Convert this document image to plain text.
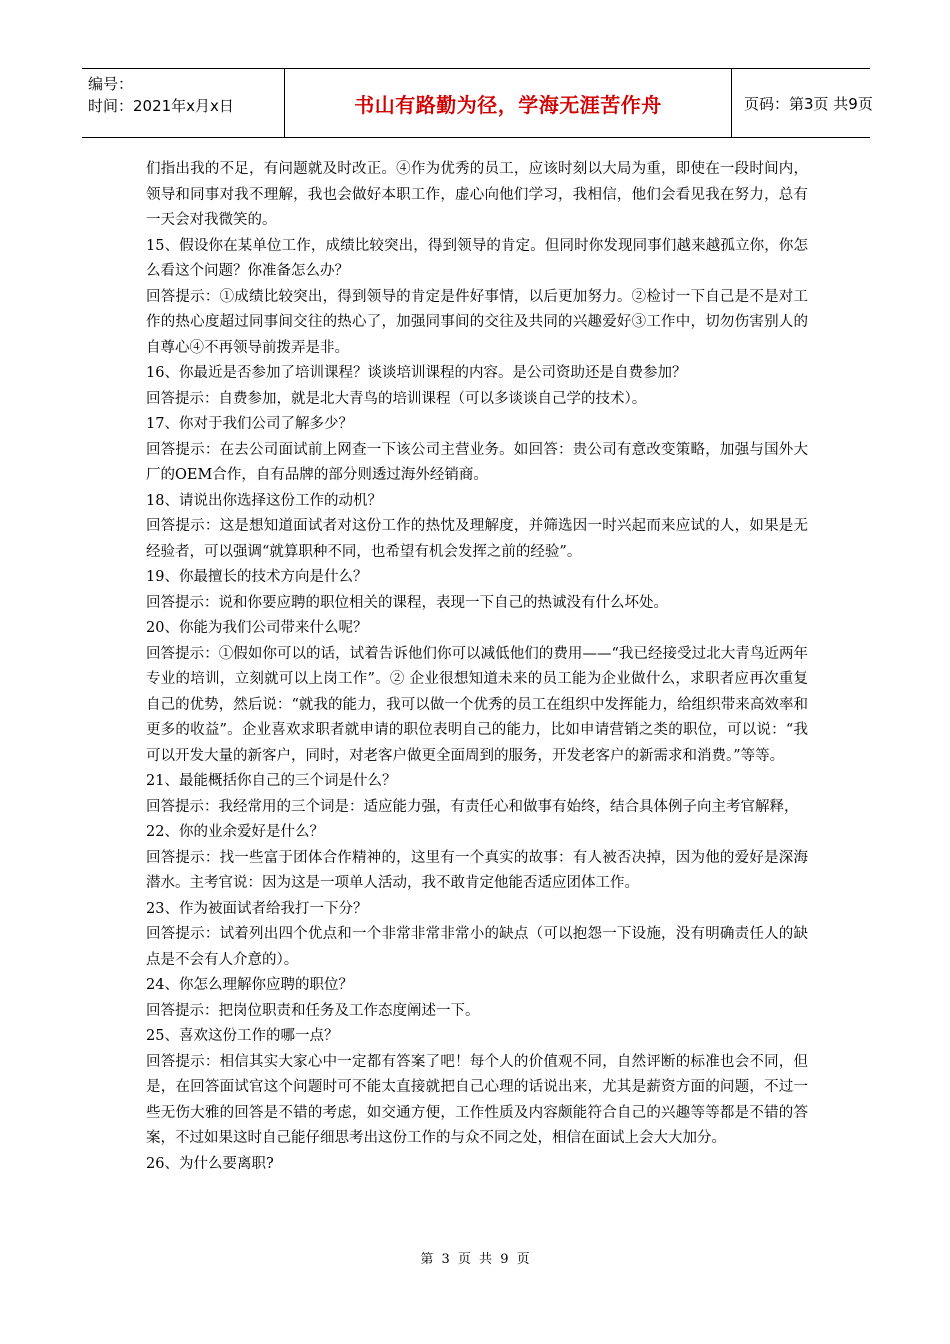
编号：
时间：2021年x月x日	书山有路勤为径，学海无涯苦作舟	页码：第3页 共9页

们指出我的不足，有问题就及时改正。④作为优秀的员工，应该时刻以大局为重，即使在一段时间内，领导和同事对我不理解，我也会做好本职工作，虚心向他们学习，我相信，他们会看见我在努力，总有一天会对我微笑的。

15、假设你在某单位工作，成绩比较突出，得到领导的肯定。但同时你发现同事们越来越孤立你，你怎么看这个问题？你准备怎么办？

回答提示：①成绩比较突出，得到领导的肯定是件好事情，以后更加努力。②检讨一下自己是不是对工作的热心度超过同事间交往的热心了，加强同事间的交往及共同的兴趣爱好③工作中，切勿伤害别人的自尊心④不再领导前拨弄是非。

16、你最近是否参加了培训课程？谈谈培训课程的内容。是公司资助还是自费参加？

回答提示：自费参加，就是北大青鸟的培训课程（可以多谈谈自己学的技术）。

17、你对于我们公司了解多少？

回答提示：在去公司面试前上网查一下该公司主营业务。如回答：贵公司有意改变策略，加强与国外大厂的OEM合作，自有品牌的部分则透过海外经销商。

18、请说出你选择这份工作的动机？

回答提示：这是想知道面试者对这份工作的热忱及理解度，并筛选因一时兴起而来应试的人，如果是无经验者，可以强调“就算职种不同，也希望有机会发挥之前的经验”。

19、你最擅长的技术方向是什么？

回答提示：说和你要应聘的职位相关的课程，表现一下自己的热诚没有什么坏处。

20、你能为我们公司带来什么呢？

回答提示：①假如你可以的话，试着告诉他们你可以减低他们的费用——“我已经接受过北大青鸟近两年专业的培训，立刻就可以上岗工作”。② 企业很想知道未来的员工能为企业做什么，求职者应再次重复自己的优势，然后说：“就我的能力，我可以做一个优秀的员工在组织中发挥能力，给组织带来高效率和更多的收益”。企业喜欢求职者就申请的职位表明自己的能力，比如申请营销之类的职位，可以说：“我可以开发大量的新客户，同时，对老客户做更全面周到的服务，开发老客户的新需求和消费。”等等。

21、最能概括你自己的三个词是什么？

回答提示：我经常用的三个词是：适应能力强，有责任心和做事有始终，结合具体例子向主考官解释，

22、你的业余爱好是什么？

回答提示：找一些富于团体合作精神的，这里有一个真实的故事：有人被否决掉，因为他的爱好是深海潜水。主考官说：因为这是一项单人活动，我不敢肯定他能否适应团体工作。

23、作为被面试者给我打一下分？

回答提示：试着列出四个优点和一个非常非常非常小的缺点（可以抱怨一下设施，没有明确责任人的缺点是不会有人介意的）。

24、你怎么理解你应聘的职位？

回答提示：把岗位职责和任务及工作态度阐述一下。

25、喜欢这份工作的哪一点？

回答提示：相信其实大家心中一定都有答案了吧！每个人的价值观不同，自然评断的标准也会不同，但是，在回答面试官这个问题时可不能太直接就把自己心理的话说出来，尤其是薪资方面的问题，不过一些无伤大雅的回答是不错的考虑，如交通方便，工作性质及内容颇能符合自己的兴趣等等都是不错的答案，不过如果这时自己能仔细思考出这份工作的与众不同之处，相信在面试上会大大加分。

26、为什么要离职?

第 3 页 共 9 页
